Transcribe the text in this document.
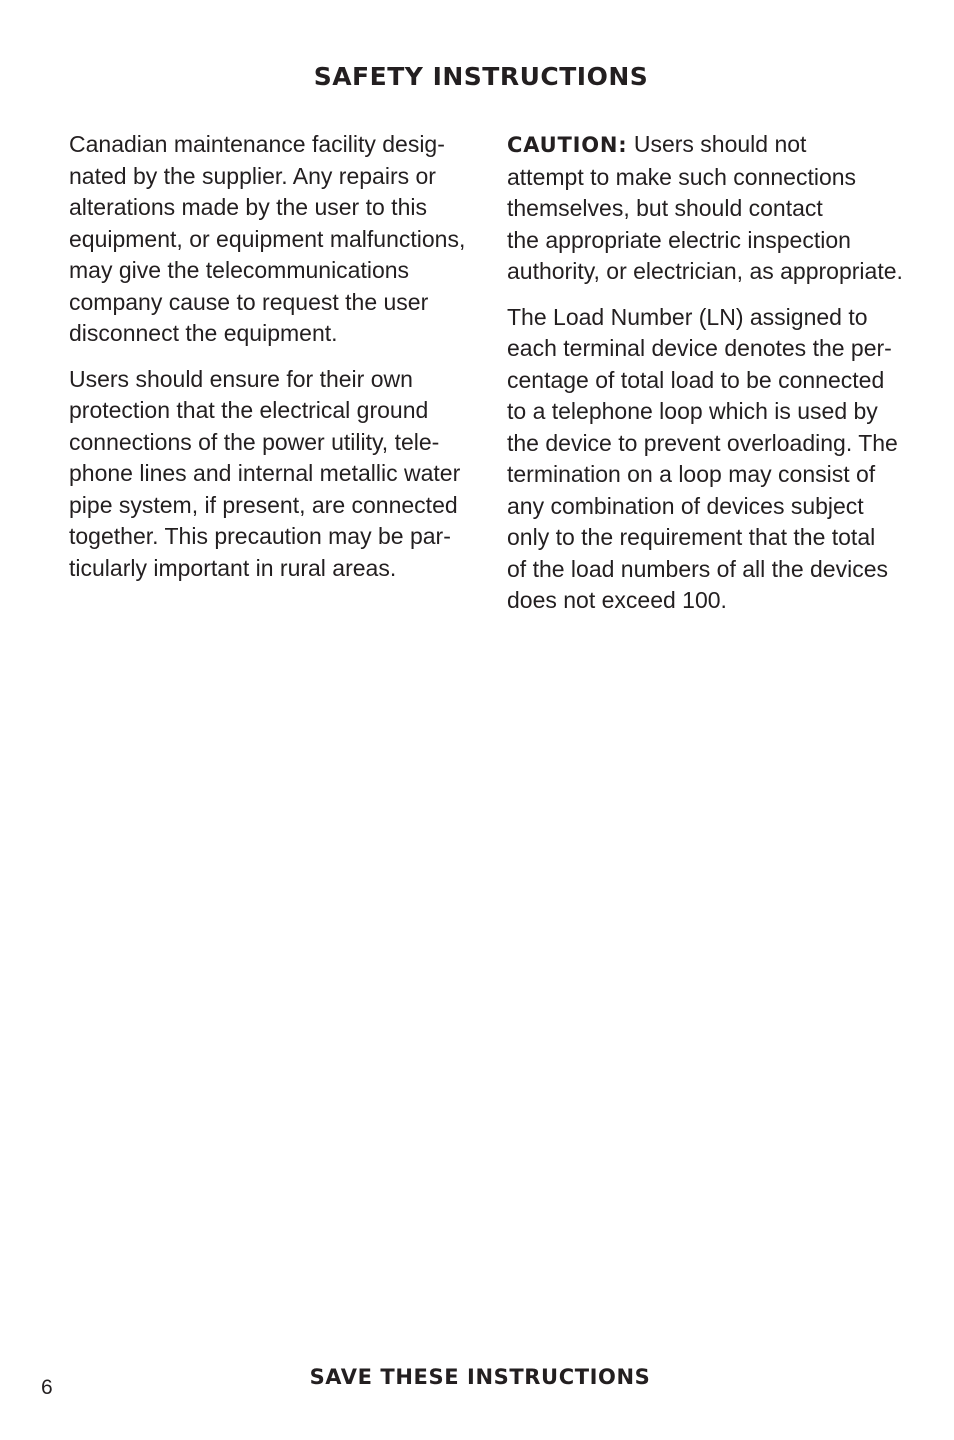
SAFETY INSTRUCTIONS

Canadian maintenance facility desig-
nated by the supplier. Any repairs or
alterations made by the user to this
equipment, or equipment malfunctions,
may give the telecommunications
company cause to request the user
disconnect the equipment.

Users should ensure for their own
protection that the electrical ground
connections of the power utility, tele-
phone lines and internal metallic water
pipe system, if present, are connected
together. This precaution may be par-
ticularly important in rural areas.

CAUTION: Users should not
attempt to make such connections
themselves, but should contact
the appropriate electric inspection
authority, or electrician, as appropriate.

The Load Number (LN) assigned to
each terminal device denotes the per-
centage of total load to be connected
to a telephone loop which is used by
the device to prevent overloading. The
termination on a loop may consist of
any combination of devices subject
only to the requirement that the total
of the load numbers of all the devices
does not exceed 100.

6	SAVE THESE INSTRUCTIONS
